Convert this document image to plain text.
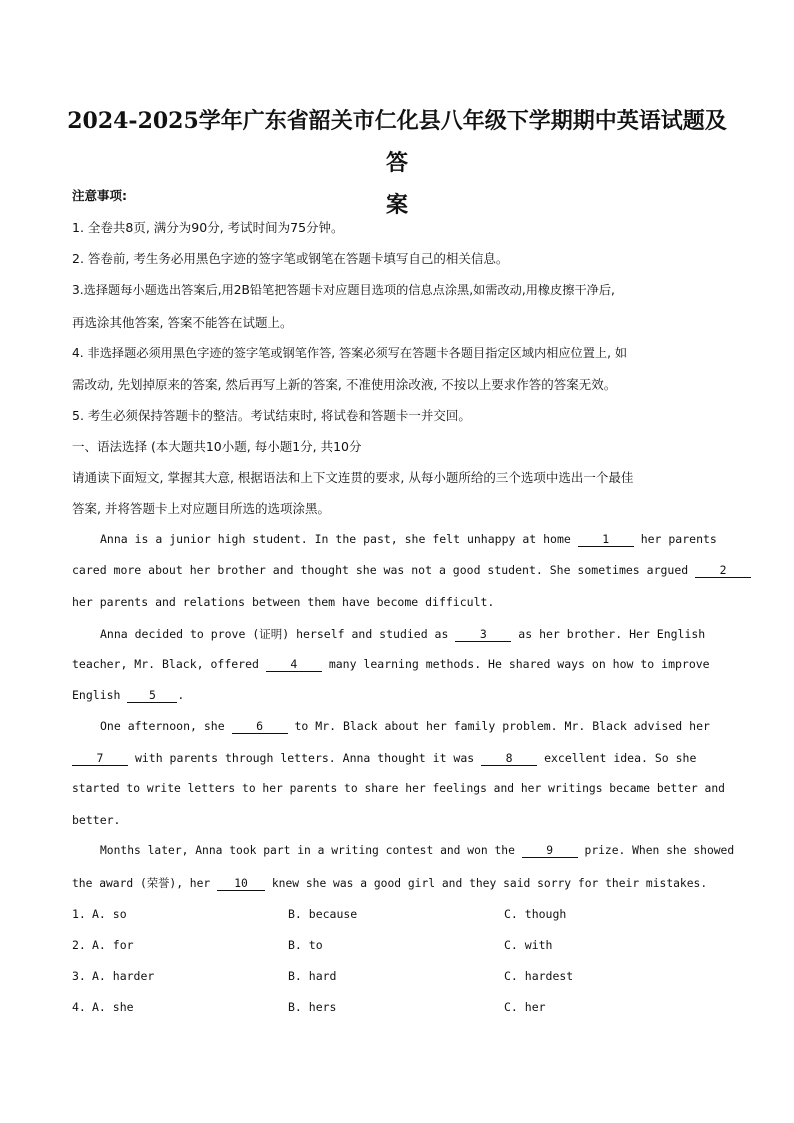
2024-2025学年广东省韶关市仁化县八年级下学期期中英语试题及答
案
注意事项:
1. 全卷共8页, 满分为90分, 考试时间为75分钟。
2. 答卷前, 考生务必用黑色字迹的签字笔或钢笔在答题卡填写自己的相关信息。
3.选择题每小题选出答案后,用2B铅笔把答题卡对应题目选项的信息点涂黑,如需改动,用橡皮擦干净后,
再选涂其他答案, 答案不能答在试题上。
4. 非选择题必须用黑色字迹的签字笔或钢笔作答, 答案必须写在答题卡各题目指定区域内相应位置上, 如
需改动, 先划掉原来的答案, 然后再写上新的答案, 不准使用涂改液, 不按以上要求作答的答案无效。
5. 考生必须保持答题卡的整洁。考试结束时, 将试卷和答题卡一并交回。
一、语法选择 (本大题共10小题, 每小题1分, 共10分
请通读下面短文, 掌握其大意, 根据语法和上下文连贯的要求, 从每小题所给的三个选项中选出一个最佳
答案, 并将答题卡上对应题目所选的选项涂黑。
Anna is a junior high student. In the past, she felt unhappy at home	1	her parents
cared more about her brother and thought she was not a good student. She sometimes argued	2
her parents and relations between them have become difficult.
Anna decided to prove (证明) herself and studied as	3	as her brother. Her English
teacher, Mr. Black, offered	4	many learning methods. He shared ways on how to improve
English 5 .
One afternoon, she	6	to Mr. Black about her family problem. Mr. Black advised her
7	with parents through letters. Anna thought it was	8	excellent idea. So she
started to write letters to her parents to share her feelings and her writings became better and
better.
Months later, Anna took part in a writing contest and won the	9	prize. When she showed
the award (荣誉), her 10 knew she was a good girl and they said sorry for their mistakes.
1. A. so	B. because	C. though
2. A. for	B. to	C. with
3. A. harder	B. hard	C. hardest
4. A. she	B. hers	C. her
